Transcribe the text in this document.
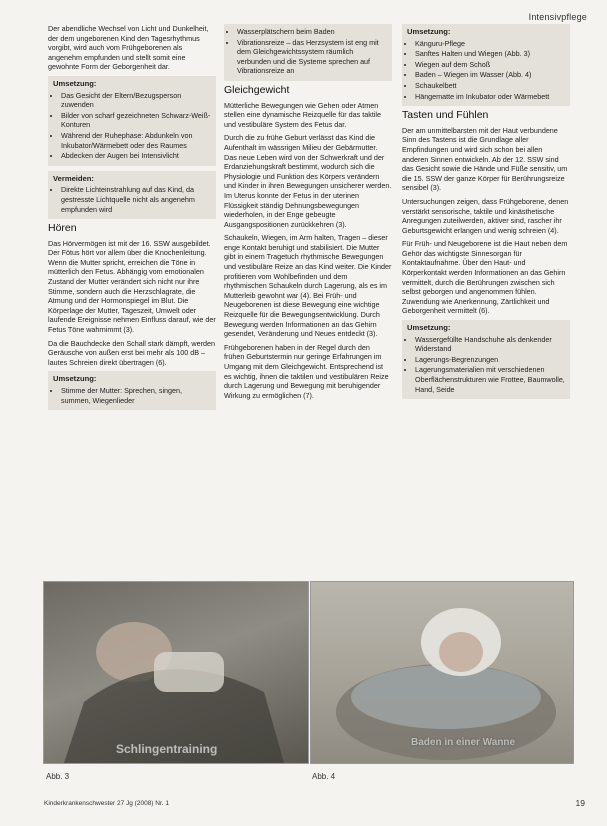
Intensivpflege

Der abendliche Wechsel von Licht und Dunkelheit, der dem ungeborenen Kind den Tagesrhythmus vorgibt, wird auch vom Frühgeborenen als angenehm empfunden und stellt somit eine gewohnte Form der Geborgenheit dar.

Umsetzung:
• Das Gesicht der Eltern/Bezugsperson zuwenden
• Bilder von scharf gezeichneten Schwarz-Weiß-Konturen
• Während der Ruhephase: Abdunkeln von Inkubator/Wärmebett oder des Raumes
• Abdecken der Augen bei Intensivlicht
Vermeiden:
• Direkte Lichteinstrahlung auf das Kind, da gestresste Lichtquelle nicht als angenehm empfunden wird
Hören

Das Hörvermögen ist mit der 16. SSW ausgebildet. Der Fötus hört vor allem über die Knochenleitung. Wenn die Mutter spricht, erreichen die Töne in mütterlich den Fetus. Abhängig vom emotionalen Zustand der Mutter verändert sich nicht nur ihre Stimme, sondern auch die Herzschlagrate, die Atmung und der Hormonspiegel im Blut. Die Körperlage der Mutter, Tageszeit, Umwelt oder laufende Ereignisse nehmen Einfluss darauf, wie der Fetus Töne wahrnimmt (3).

Da die Bauchdecke den Schall stark dämpft, werden Geräusche von außen erst bei mehr als 100 dB – lautes Schreien direkt übertragen (6).

Umsetzung:
• Stimme der Mutter: Sprechen, singen, summen, Wiegenlieder
• Wasserplätschern beim Baden
• Vibrationsreize – das Herzsystem ist eng mit dem Gleichgewichtssystem räumlich verbunden und die Systeme sprechen auf Vibrationsreize an
Gleichgewicht

Mütterliche Bewegungen wie Gehen oder Atmen stellen eine dynamische Reizquelle für das taktile und vestibuläre System des Fetus dar.

Durch die zu frühe Geburt verlässt das Kind die Aufenthalt im wässrigen Milieu der Gebärmutter. Das neue Leben wird von der Schwerkraft und der Erdanziehungskraft bestimmt, wodurch sich die Physiologie und Funktion des Körpers verändern und Kinder in ihren Bewegungen unsicherer werden. Im Uterus konnte der Fetus in der uterinen Flüssigkeit ständig Dehnungsbewegungen wiederholen, in der Enge gebeugte Ausgangspositionen zurückkehren (3).

Schaukeln, Wiegen, im Arm halten, Tragen – dieser enge Kontakt beruhigt und stabilisiert. Die Mutter gibt in einem Tragetuch rhythmische Bewegungen und vestibuläre Reize an das Kind weiter. Die Kinder profitieren vom Wohlbefinden und dem rhythmischen Schaukeln durch Lagerung, als es im Mutterleib gewohnt war (4). Bei Früh- und Neugeborenen ist diese Bewegung eine wichtige Reizquelle für die Bewegungsentwicklung. Durch Bewegung werden Informationen an das Gehirn gesendet, Veränderung und Neues entdeckt (3).

Frühgeborenen haben in der Regel durch den frühen Geburtstermin nur geringe Erfahrungen im Umgang mit dem Gleichgewicht. Entsprechend ist es wichtig, ihnen die taktilen und vestibulären Reize durch Lagerung und Bewegung mit beruhigender Wirkung zu ermöglichen (7).

Umsetzung:
• Känguru-Pflege
• Sanftes Halten und Wiegen (Abb. 3)
• Wiegen auf dem Schoß
• Baden – Wiegen im Wasser (Abb. 4)
• Schaukelbett
• Hängematte im Inkubator oder Wärmebett
Tasten und Fühlen

Der am unmittelbarsten mit der Haut verbundene Sinn des Tastens ist die Grundlage aller Empfindungen und wird sich schon bei allen anderen Sinnen entwickeln. Ab der 12. SSW sind das Gesicht sowie die Hände und Füße sensitiv, um die 15. SSW der ganze Körper für Berührungsreize sensibel (3).

Untersuchungen zeigen, dass Frühgeborene, denen verstärkt sensorische, taktile und kinästhetische Anregungen zuteilwerden, aktiver sind, rascher ihr Geburtsgewicht erlangen und wenig schreien (4).

Für Früh- und Neugeborene ist die Haut neben dem Gehör das wichtigste Sinnesorgan für Kontaktaufnahme. Über den Haut- und Körperkontakt werden Informationen an das Gehirn vermittelt, durch die Berührungen zwischen sich selbst geborgen und angenommen fühlen. Zuwendung wie Anerkennung, Zärtlichkeit und Geborgenheit vermittelt (6).

Umsetzung:
• Wassergefüllte Handschuhe als denkender Widerstand
• Lagerungs-Begrenzungen
• Lagerungsmaterialien mit verschiedenen Oberflächenstrukturen wie Frottee, Baumwolle, Hand, Seide
Schlingentraining	Baden in einer Wanne
Abb. 3	Abb. 4
Kinderkrankenschwester 27 Jg (2008) Nr. 1	19
